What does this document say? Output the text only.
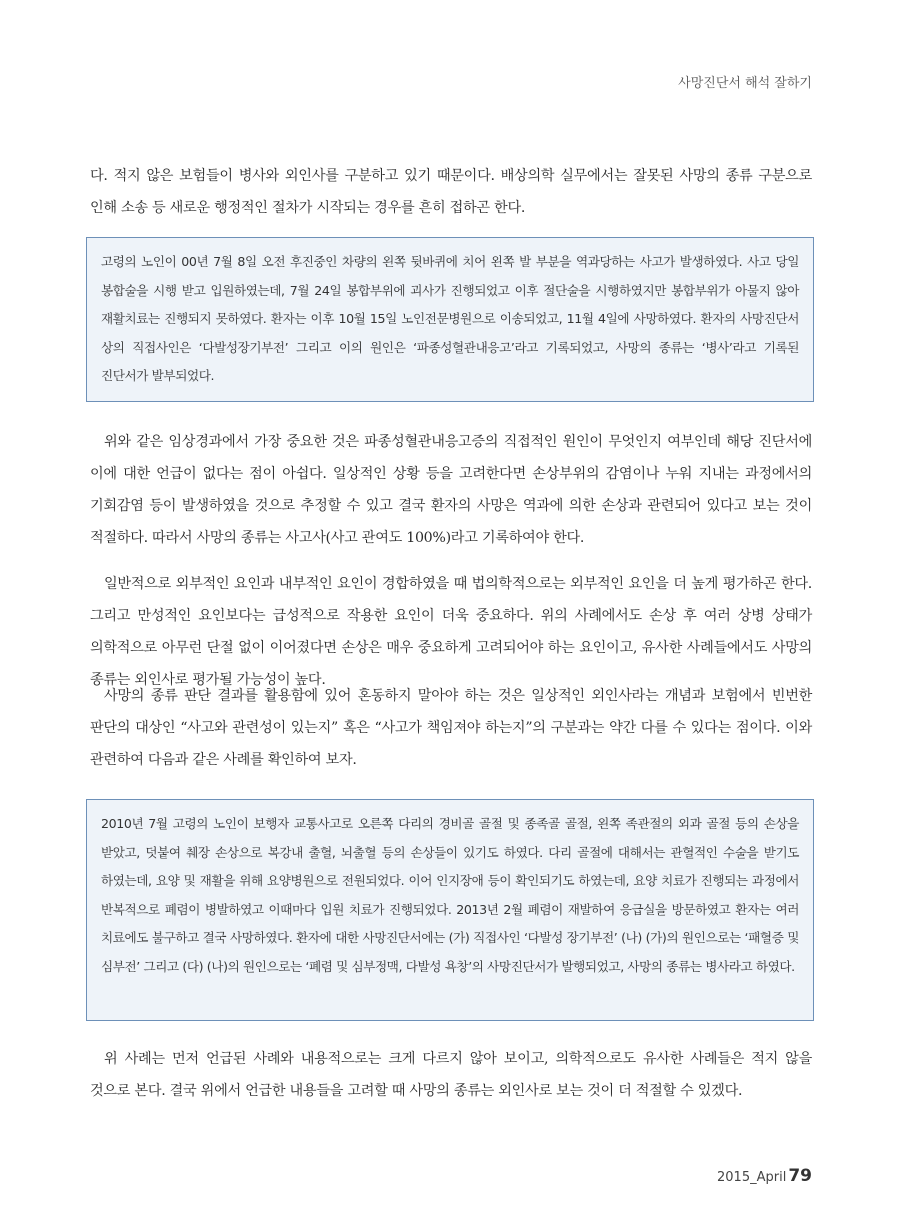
사망진단서 해석 잘하기

다. 적지 않은 보험들이 병사와 외인사를 구분하고 있기 때문이다. 배상의학 실무에서는 잘못된 사망의 종류 구분으로 인해 소송 등 새로운 행정적인 절차가 시작되는 경우를 흔히 접하곤 한다.

고령의 노인이 00년 7월 8일 오전 후진중인 차량의 왼쪽 뒷바퀴에 치어 왼쪽 발 부분을 역과당하는 사고가 발생하였다. 사고 당일 봉합술을 시행 받고 입원하였는데, 7월 24일 봉합부위에 괴사가 진행되었고 이후 절단술을 시행하였지만 봉합부위가 아물지 않아 재활치료는 진행되지 못하였다. 환자는 이후 10월 15일 노인전문병원으로 이송되었고, 11월 4일에 사망하였다. 환자의 사망진단서 상의 직접사인은 ‘다발성장기부전’ 그리고 이의 원인은 ‘파종성혈관내응고’라고 기록되었고, 사망의 종류는 ‘병사’라고 기록된 진단서가 발부되었다.

위와 같은 임상경과에서 가장 중요한 것은 파종성혈관내응고증의 직접적인 원인이 무엇인지 여부인데 해당 진단서에 이에 대한 언급이 없다는 점이 아쉽다. 일상적인 상황 등을 고려한다면 손상부위의 감염이나 누워 지내는 과정에서의 기회감염 등이 발생하였을 것으로 추정할 수 있고 결국 환자의 사망은 역과에 의한 손상과 관련되어 있다고 보는 것이 적절하다. 따라서 사망의 종류는 사고사(사고 관여도 100%)라고 기록하여야 한다.

일반적으로 외부적인 요인과 내부적인 요인이 경합하였을 때 법의학적으로는 외부적인 요인을 더 높게 평가하곤 한다. 그리고 만성적인 요인보다는 급성적으로 작용한 요인이 더욱 중요하다. 위의 사례에서도 손상 후 여러 상병 상태가 의학적으로 아무런 단절 없이 이어졌다면 손상은 매우 중요하게 고려되어야 하는 요인이고, 유사한 사례들에서도 사망의 종류는 외인사로 평가될 가능성이 높다.

사망의 종류 판단 결과를 활용함에 있어 혼동하지 말아야 하는 것은 일상적인 외인사라는 개념과 보험에서 빈번한 판단의 대상인 “사고와 관련성이 있는지” 혹은 “사고가 책임져야 하는지”의 구분과는 약간 다를 수 있다는 점이다. 이와 관련하여 다음과 같은 사례를 확인하여 보자.

2010년 7월 고령의 노인이 보행자 교통사고로 오른쪽 다리의 경비골 골절 및 종족골 골절, 왼쪽 족관절의 외과 골절 등의 손상을 받았고, 덧붙여 췌장 손상으로 복강내 출혈, 뇌출혈 등의 손상들이 있기도 하였다. 다리 골절에 대해서는 관혈적인 수술을 받기도 하였는데, 요양 및 재활을 위해 요양병원으로 전원되었다. 이어 인지장애 등이 확인되기도 하였는데, 요양 치료가 진행되는 과정에서 반복적으로 폐렴이 병발하였고 이때마다 입원 치료가 진행되었다. 2013년 2월 폐렴이 재발하여 응급실을 방문하였고 환자는 여러 치료에도 불구하고 결국 사망하였다. 환자에 대한 사망진단서에는 (가) 직접사인 ‘다발성 장기부전’ (나) (가)의 원인으로는 ‘패혈증 및 심부전’ 그리고 (다) (나)의 원인으로는 ‘폐렴 및 심부정맥, 다발성 욕창’의 사망진단서가 발행되었고, 사망의 종류는 병사라고 하였다.

위 사례는 먼저 언급된 사례와 내용적으로는 크게 다르지 않아 보이고, 의학적으로도 유사한 사례들은 적지 않을 것으로 본다. 결국 위에서 언급한 내용들을 고려할 때 사망의 종류는 외인사로 보는 것이 더 적절할 수 있겠다.

2015_April 79
